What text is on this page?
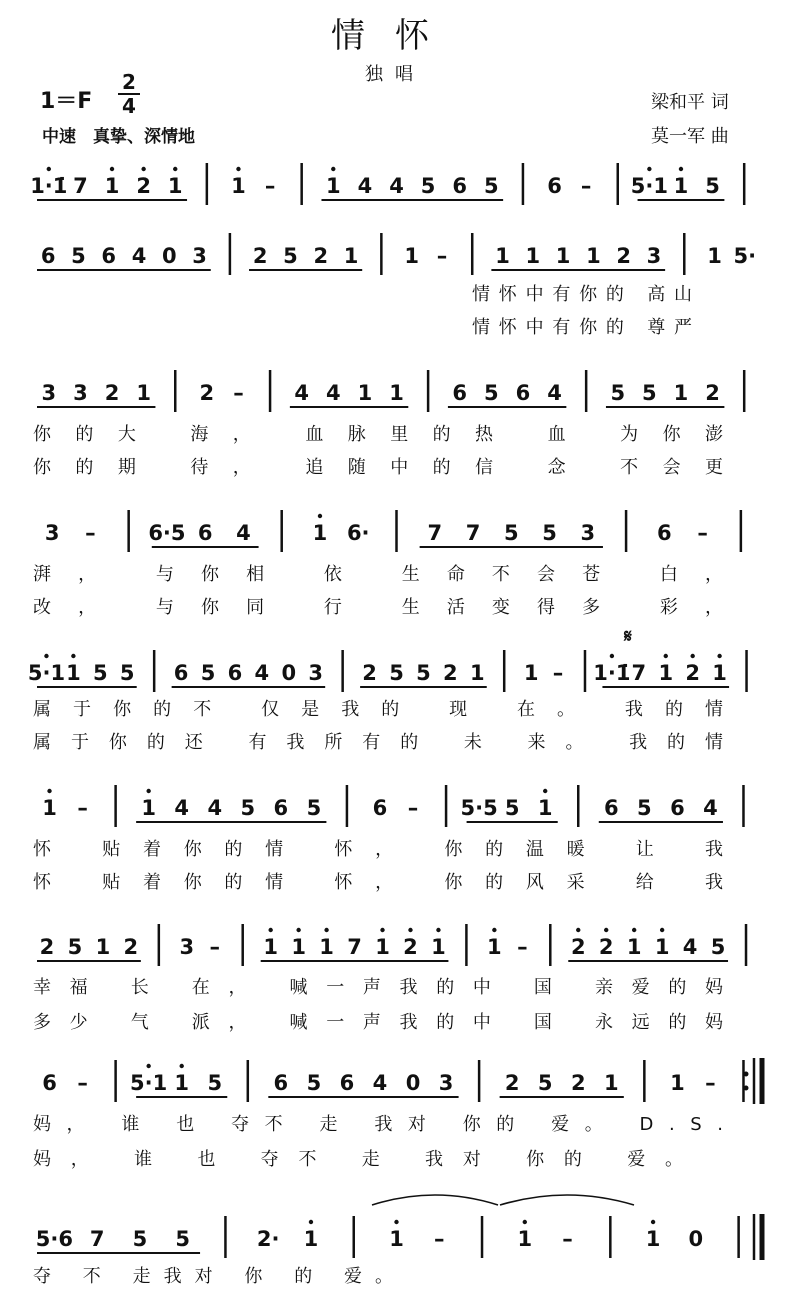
情怀
独唱
1＝F
2
4
中速　真挚、深情地
梁和平 词
莫一军 曲
1·1̇ 7 1 2 1 1 – 1 4 4 5 6 5 6 – 5·1 1 5
6 5 6 4 0 3 2 5 2 1 1 – 1 1 1 1 2 3 1 5·
情怀中有你的 高山
情怀中有你的 尊严
3 3 2 1 2 – 4 4 1 1 6 5 6 4 5 5 1 2
你的大 海， 血脉里的热 血 为你澎
你的期 待， 追随中的信 念 不会更
3 –	6·5 6 4	1 6·	7 7 5 5 3	6 –
湃， 与你相 依 生命不会苍 白，
改， 与你同 行 生活变得多 彩，
5·1 1 5 5 6 5 6 4 0 3 2 5 5 2 1 1 – 1·1̇ 7 1 2 1
𝄋
属于你的不 仅是我的 现 在。 我的情
属于你的还 有我所有的 未 来。 我的情
1 –	1 4 4 5 6 5 6 – 5·5 5 1 6 5 6 4
怀 贴着你的情 怀， 你的温暖 让 我
怀 贴着你的情 怀， 你的风采 给 我
2 5 1 2 3 – 1 1 1 7 1 2 1 1 – 2 2 1 1 4 5
幸福 长 在， 喊一声我的中 国 亲爱的妈
多少 气 派， 喊一声我的中 国 永远的妈
6 – 5·1 1 5 6 5 6 4 0 3 2 5 2 1 1 –
妈， 谁 也 夺不 走 我对 你的 爱。 D.S.
妈， 谁 也 夺不 走 我对 你的 爱。
5·6 7 5 5	2· 1	1 –	1 –	1 0
夺 不 走我对 你 的 爱。
